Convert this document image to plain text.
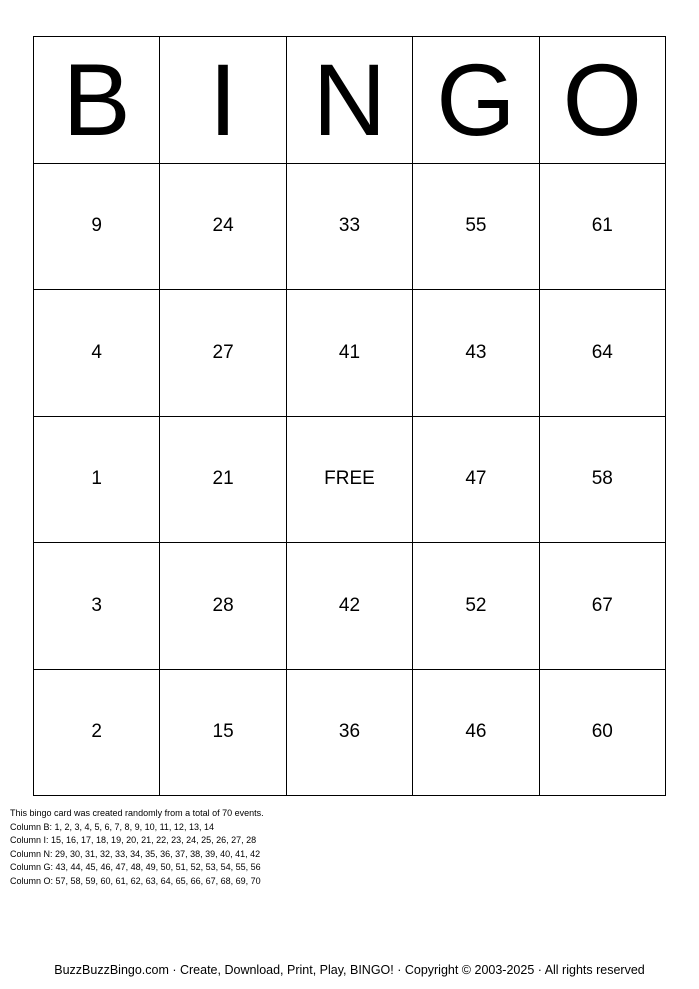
B I N G O
9	24	33	55	61
4	27	41	43	64
1	21	FREE	47	58
3	28	42	52	67
2	15	36	46	60
This bingo card was created randomly from a total of 70 events.
Column B: 1, 2, 3, 4, 5, 6, 7, 8, 9, 10, 11, 12, 13, 14
Column I: 15, 16, 17, 18, 19, 20, 21, 22, 23, 24, 25, 26, 27, 28
Column N: 29, 30, 31, 32, 33, 34, 35, 36, 37, 38, 39, 40, 41, 42
Column G: 43, 44, 45, 46, 47, 48, 49, 50, 51, 52, 53, 54, 55, 56
Column O: 57, 58, 59, 60, 61, 62, 63, 64, 65, 66, 67, 68, 69, 70
BuzzBuzzBingo.com · Create, Download, Print, Play, BINGO! · Copyright © 2003-2025 · All rights reserved
